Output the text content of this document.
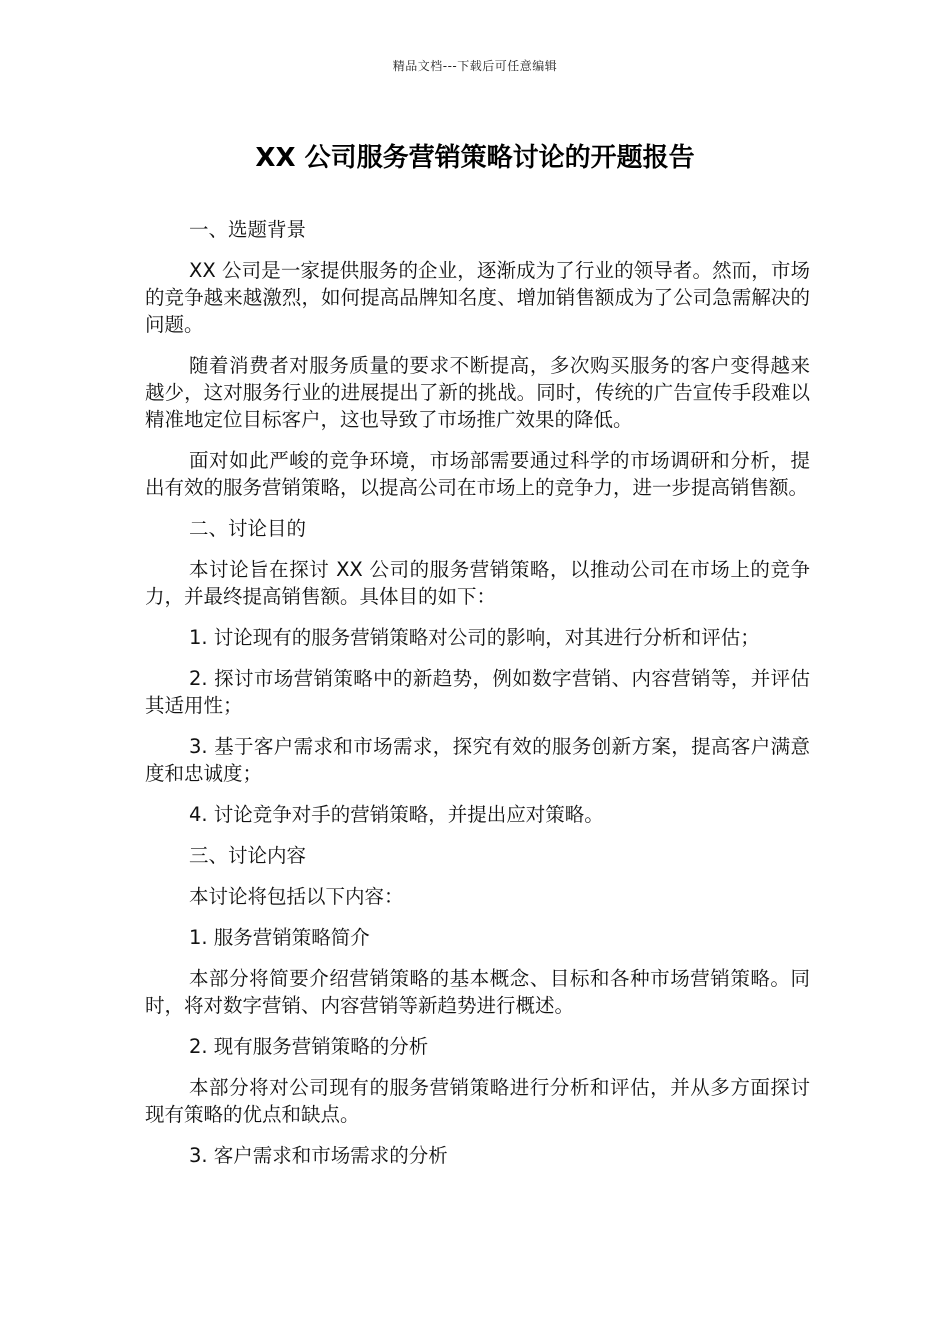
精品文档---下载后可任意编辑
XX 公司服务营销策略讨论的开题报告

一、选题背景

XX 公司是一家提供服务的企业，逐渐成为了行业的领导者。然而，市场的竞争越来越激烈，如何提高品牌知名度、增加销售额成为了公司急需解决的问题。

随着消费者对服务质量的要求不断提高，多次购买服务的客户变得越来越少，这对服务行业的进展提出了新的挑战。同时，传统的广告宣传手段难以精准地定位目标客户，这也导致了市场推广效果的降低。

面对如此严峻的竞争环境，市场部需要通过科学的市场调研和分析，提出有效的服务营销策略，以提高公司在市场上的竞争力，进一步提高销售额。

二、讨论目的

本讨论旨在探讨 XX 公司的服务营销策略，以推动公司在市场上的竞争力，并最终提高销售额。具体目的如下：

1. 讨论现有的服务营销策略对公司的影响，对其进行分析和评估；

2. 探讨市场营销策略中的新趋势，例如数字营销、内容营销等，并评估其适用性；

3. 基于客户需求和市场需求，探究有效的服务创新方案，提高客户满意度和忠诚度；

4. 讨论竞争对手的营销策略，并提出应对策略。

三、讨论内容

本讨论将包括以下内容：

1. 服务营销策略简介

本部分将简要介绍营销策略的基本概念、目标和各种市场营销策略。同时，将对数字营销、内容营销等新趋势进行概述。

2. 现有服务营销策略的分析

本部分将对公司现有的服务营销策略进行分析和评估，并从多方面探讨现有策略的优点和缺点。

3. 客户需求和市场需求的分析
